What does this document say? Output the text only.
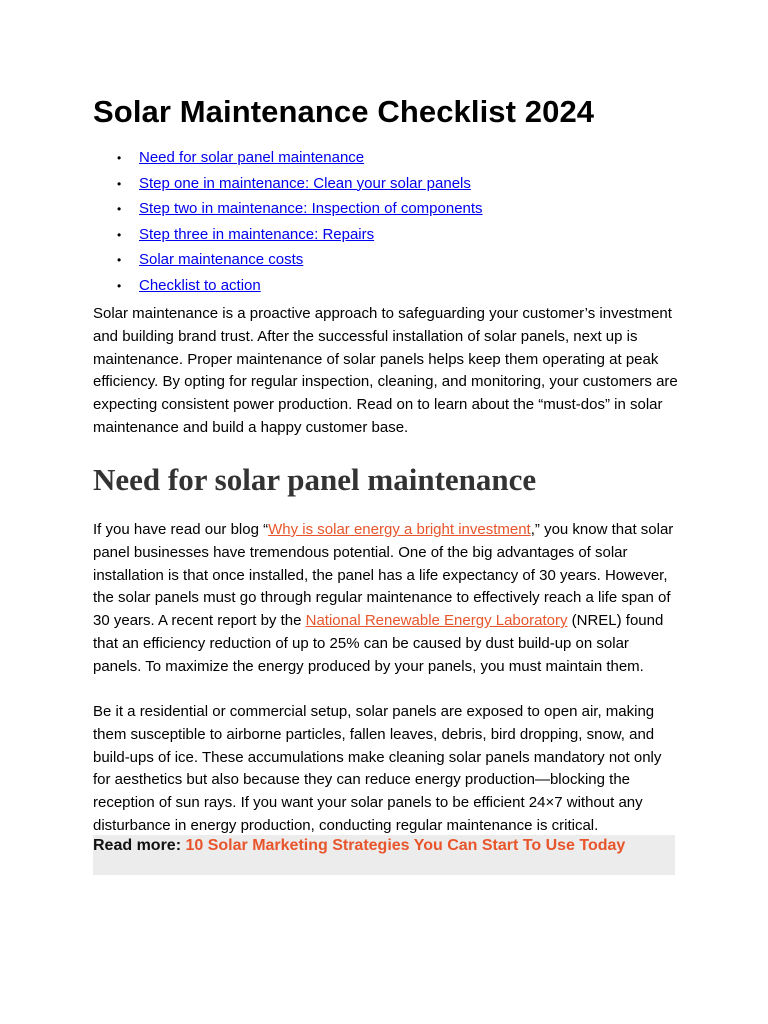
Solar Maintenance Checklist 2024
• Need for solar panel maintenance
• Step one in maintenance: Clean your solar panels
• Step two in maintenance: Inspection of components
• Step three in maintenance: Repairs
• Solar maintenance costs
• Checklist to action

Solar maintenance is a proactive approach to safeguarding your customer’s investment and building brand trust. After the successful installation of solar panels, next up is maintenance. Proper maintenance of solar panels helps keep them operating at peak efficiency. By opting for regular inspection, cleaning, and monitoring, your customers are expecting consistent power production. Read on to learn about the “must-dos” in solar maintenance and build a happy customer base.

Need for solar panel maintenance

If you have read our blog “Why is solar energy a bright investment,” you know that solar panel businesses have tremendous potential. One of the big advantages of solar installation is that once installed, the panel has a life expectancy of 30 years. However, the solar panels must go through regular maintenance to effectively reach a life span of 30 years. A recent report by the National Renewable Energy Laboratory (NREL) found that an efficiency reduction of up to 25% can be caused by dust build-up on solar panels. To maximize the energy produced by your panels, you must maintain them.

Be it a residential or commercial setup, solar panels are exposed to open air, making them susceptible to airborne particles, fallen leaves, debris, bird dropping, snow, and build-ups of ice. These accumulations make cleaning solar panels mandatory not only for aesthetics but also because they can reduce energy production—blocking the reception of sun rays. If you want your solar panels to be efficient 24×7 without any disturbance in energy production, conducting regular maintenance is critical.

Read more: 10 Solar Marketing Strategies You Can Start To Use Today
